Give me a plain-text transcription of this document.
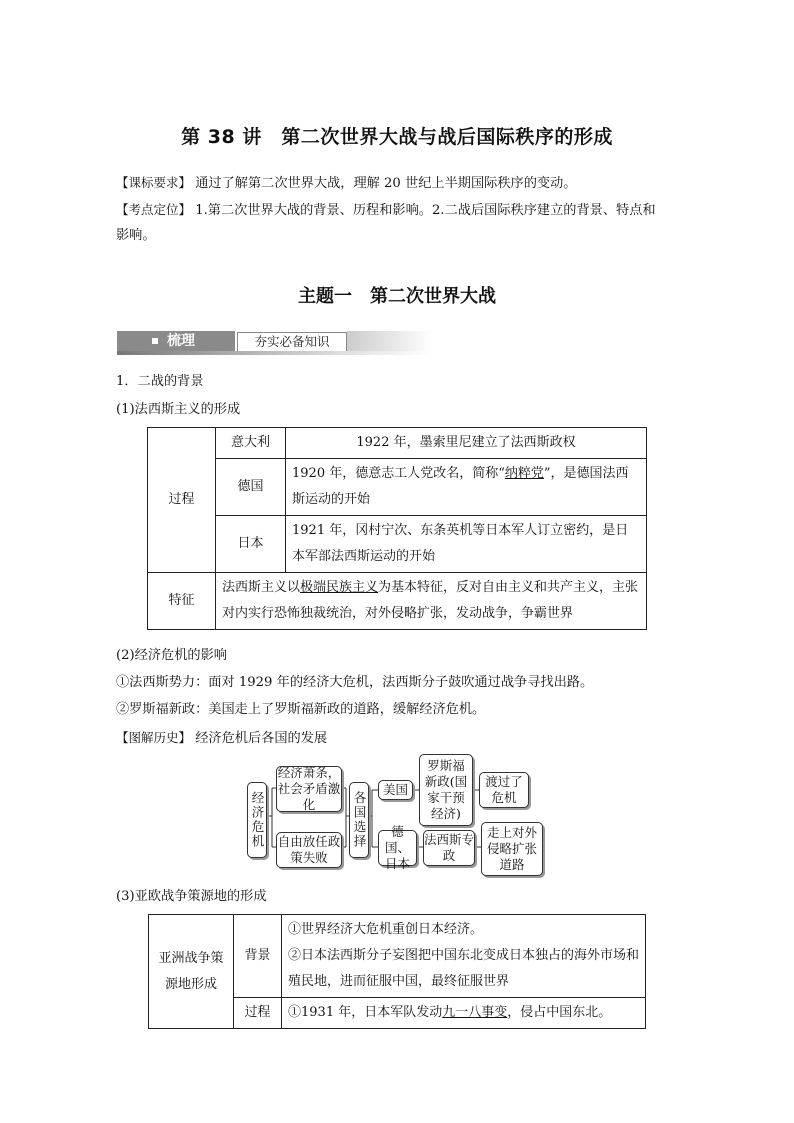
第 38 讲　第二次世界大战与战后国际秩序的形成
【课标要求】 通过了解第二次世界大战，理解 20 世纪上半期国际秩序的变动。
【考点定位】 1.第二次世界大战的背景、历程和影响。2.二战后国际秩序建立的背景、特点和
影响。
主题一　第二次世界大战
梳理	夯实必备知识
1．二战的背景
(1)法西斯主义的形成
过程	意大利	1922 年，墨索里尼建立了法西斯政权
	德国	1920 年，德意志工人党改名，简称“纳粹党”，是德国法西斯运动的开始
	日本	1921 年，冈村宁次、东条英机等日本军人订立密约，是日本军部法西斯运动的开始
特征	法西斯主义以极端民族主义为基本特征，反对自由主义和共产主义，主张对内实行恐怖独裁统治，对外侵略扩张，发动战争，争霸世界	
(2)经济危机的影响
①法西斯势力：面对 1929 年的经济大危机，法西斯分子鼓吹通过战争寻找出路。
②罗斯福新政：美国走上了罗斯福新政的道路，缓解经济危机。
【图解历史】 经济危机后各国的发展
经济危机
经济萧条，社会矛盾激化
自由放任政策失败
各国选择
美国
罗斯福新政(国家干预经济)
渡过了危机
德国、日本
法西斯专政
走上对外侵略扩张道路
(3)亚欧战争策源地的形成
亚洲战争策源地形成	背景	①世界经济大危机重创日本经济。
②日本法西斯分子妄图把中国东北变成日本独占的海外市场和殖民地，进而征服中国，最终征服世界

	过程	①1931 年，日本军队发动九一八事变，侵占中国东北。
